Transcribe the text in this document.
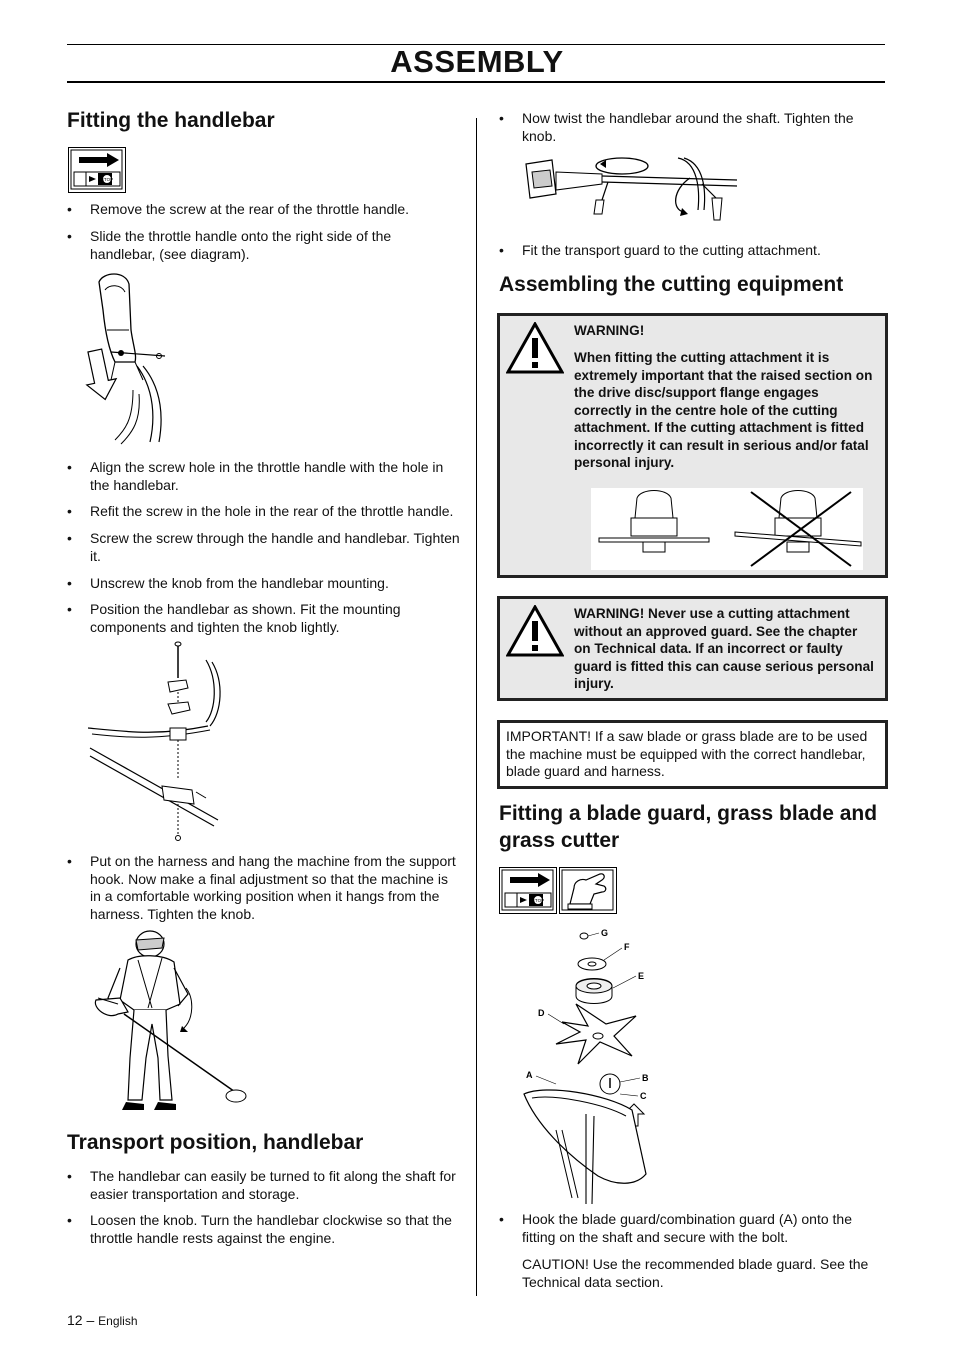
ASSEMBLY
Fitting the handlebar
STOP
• Remove the screw at the rear of the throttle handle.
• Slide the throttle handle onto the right side of the handlebar, (see diagram).
• Align the screw hole in the throttle handle with the hole in the handlebar.
• Refit the screw in the hole in the rear of the throttle handle.
• Screw the screw through the handle and handlebar. Tighten it.
• Unscrew the knob from the handlebar mounting.
• Position the handlebar as shown. Fit the mounting components and tighten the knob lightly.
• Put on the harness and hang the machine from the support hook. Now make a final adjustment so that the machine is in a comfortable working position when it hangs from the harness. Tighten the knob.
Transport position, handlebar
• The handlebar can easily be turned to fit along the shaft for easier transportation and storage.
• Loosen the knob. Turn the handlebar clockwise so that the throttle handle rests against the engine.
• Now twist the handlebar around the shaft. Tighten the knob.
• Fit the transport guard to the cutting attachment.
Assembling the cutting equipment
WARNING!
When fitting the cutting attachment it is extremely important that the raised section on the drive disc/support flange engages correctly in the centre hole of the cutting attachment. If the cutting attachment is fitted incorrectly it can result in serious and/or fatal personal injury.
WARNING! Never use a cutting attachment without an approved guard. See the chapter on Technical data. If an incorrect or faulty guard is fitted this can cause serious personal injury.
IMPORTANT! If a saw blade or grass blade are to be used the machine must be equipped with the correct handlebar, blade guard and harness.
Fitting a blade guard, grass blade and grass cutter
STOP
G
F
E
D
B
C
A
• Hook the blade guard/combination guard (A) onto the fitting on the shaft and secure with the bolt.
CAUTION! Use the recommended blade guard. See the Technical data section.
12 – English
